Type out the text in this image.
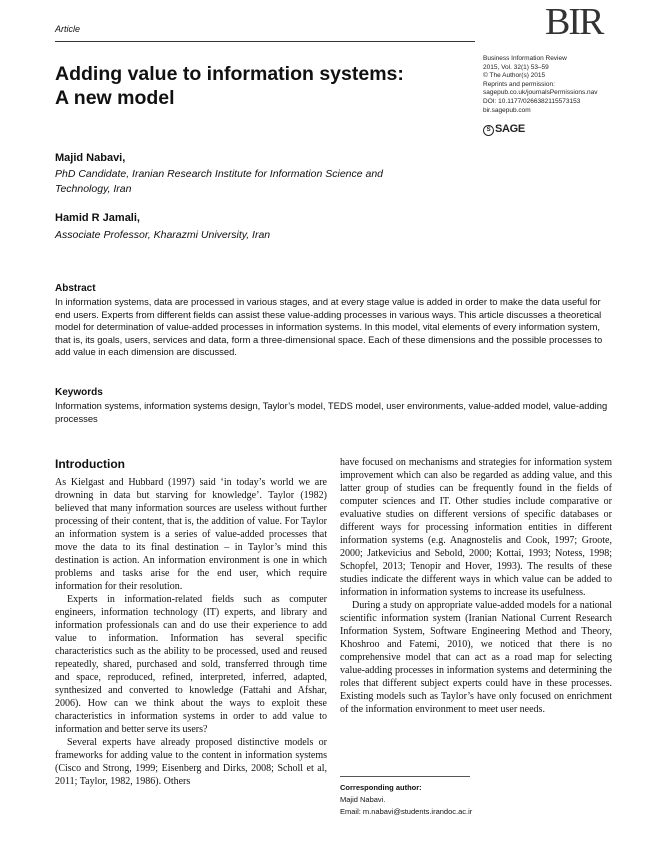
Article	BIR
Business Information Review
2015, Vol. 32(1) 53–59
© The Author(s) 2015
Reprints and permission:
sagepub.co.uk/journalsPermissions.nav
DOI: 10.1177/0266382115573153
bir.sagepub.com
S SAGE
Adding value to information systems:
A new model
Majid Nabavi,
PhD Candidate, Iranian Research Institute for Information Science and Technology, Iran
Hamid R Jamali,
Associate Professor, Kharazmi University, Iran
Abstract
In information systems, data are processed in various stages, and at every stage value is added in order to make the data useful for end users. Experts from different fields can assist these value-adding processes in various ways. This article discusses a theoretical model for determination of value-added processes in information systems. In this model, vital elements of every information system, that is, its goals, users, services and data, form a three-dimensional space. Each of these dimensions and the possible processes to add value in each dimension are discussed.
Keywords
Information systems, information systems design, Taylor’s model, TEDS model, user environments, value-added model, value-adding processes
Introduction

As Kielgast and Hubbard (1997) said ‘in today’s world we are drowning in data but starving for knowledge’. Taylor (1982) believed that many information sources are useless without further processing of their content, that is, the addition of value. For Taylor an information system is a series of value-added processes that move the data to its final destination – in Taylor’s mind this destination is action. An information environment is one in which problems and tasks arise for the end user, which require information for their resolution.

Experts in information-related fields such as computer engineers, information technology (IT) experts, and library and information professionals can and do use their experience to add value to information. Information has several specific characteristics such as the ability to be processed, used and reused repeatedly, shared, purchased and sold, transferred through time and space, reproduced, refined, interpreted, inferred, adapted, synthesized and converted to knowledge (Fattahi and Afshar, 2006). How can we think about the ways to exploit these characteristics in information systems in order to add value to information and better serve its users?

Several experts have already proposed distinctive models or frameworks for adding value to the content in information systems (Cisco and Strong, 1999; Eisenberg and Dirks, 2008; Scholl et al, 2011; Taylor, 1982, 1986). Others

have focused on mechanisms and strategies for information system improvement which can also be regarded as adding value, and this latter group of studies can be frequently found in the fields of computer sciences and IT. Other studies include comparative or evaluative studies on different versions of specific databases or different ways for processing information entities in different information systems (e.g. Anagnostelis and Cook, 1997; Groote, 2000; Jatkevicius and Sebold, 2000; Kottai, 1993; Notess, 1998; Schopfel, 2013; Tenopir and Hover, 1993). The results of these studies indicate the different ways in which value can be added to information in information systems to increase its usefulness.

During a study on appropriate value-added models for a national scientific information system (Iranian National Current Research Information System, Software Engineering Method and Theory, Khoshroo and Fatemi, 2010), we noticed that there is no comprehensive model that can act as a road map for selecting value-adding processes in information systems and determining the roles that different subject experts could have in these processes. Existing models such as Taylor’s have only focused on enrichment of the information environment to meet user needs.

Corresponding author:
Majid Nabavi.
Email: m.nabavi@students.irandoc.ac.ir
